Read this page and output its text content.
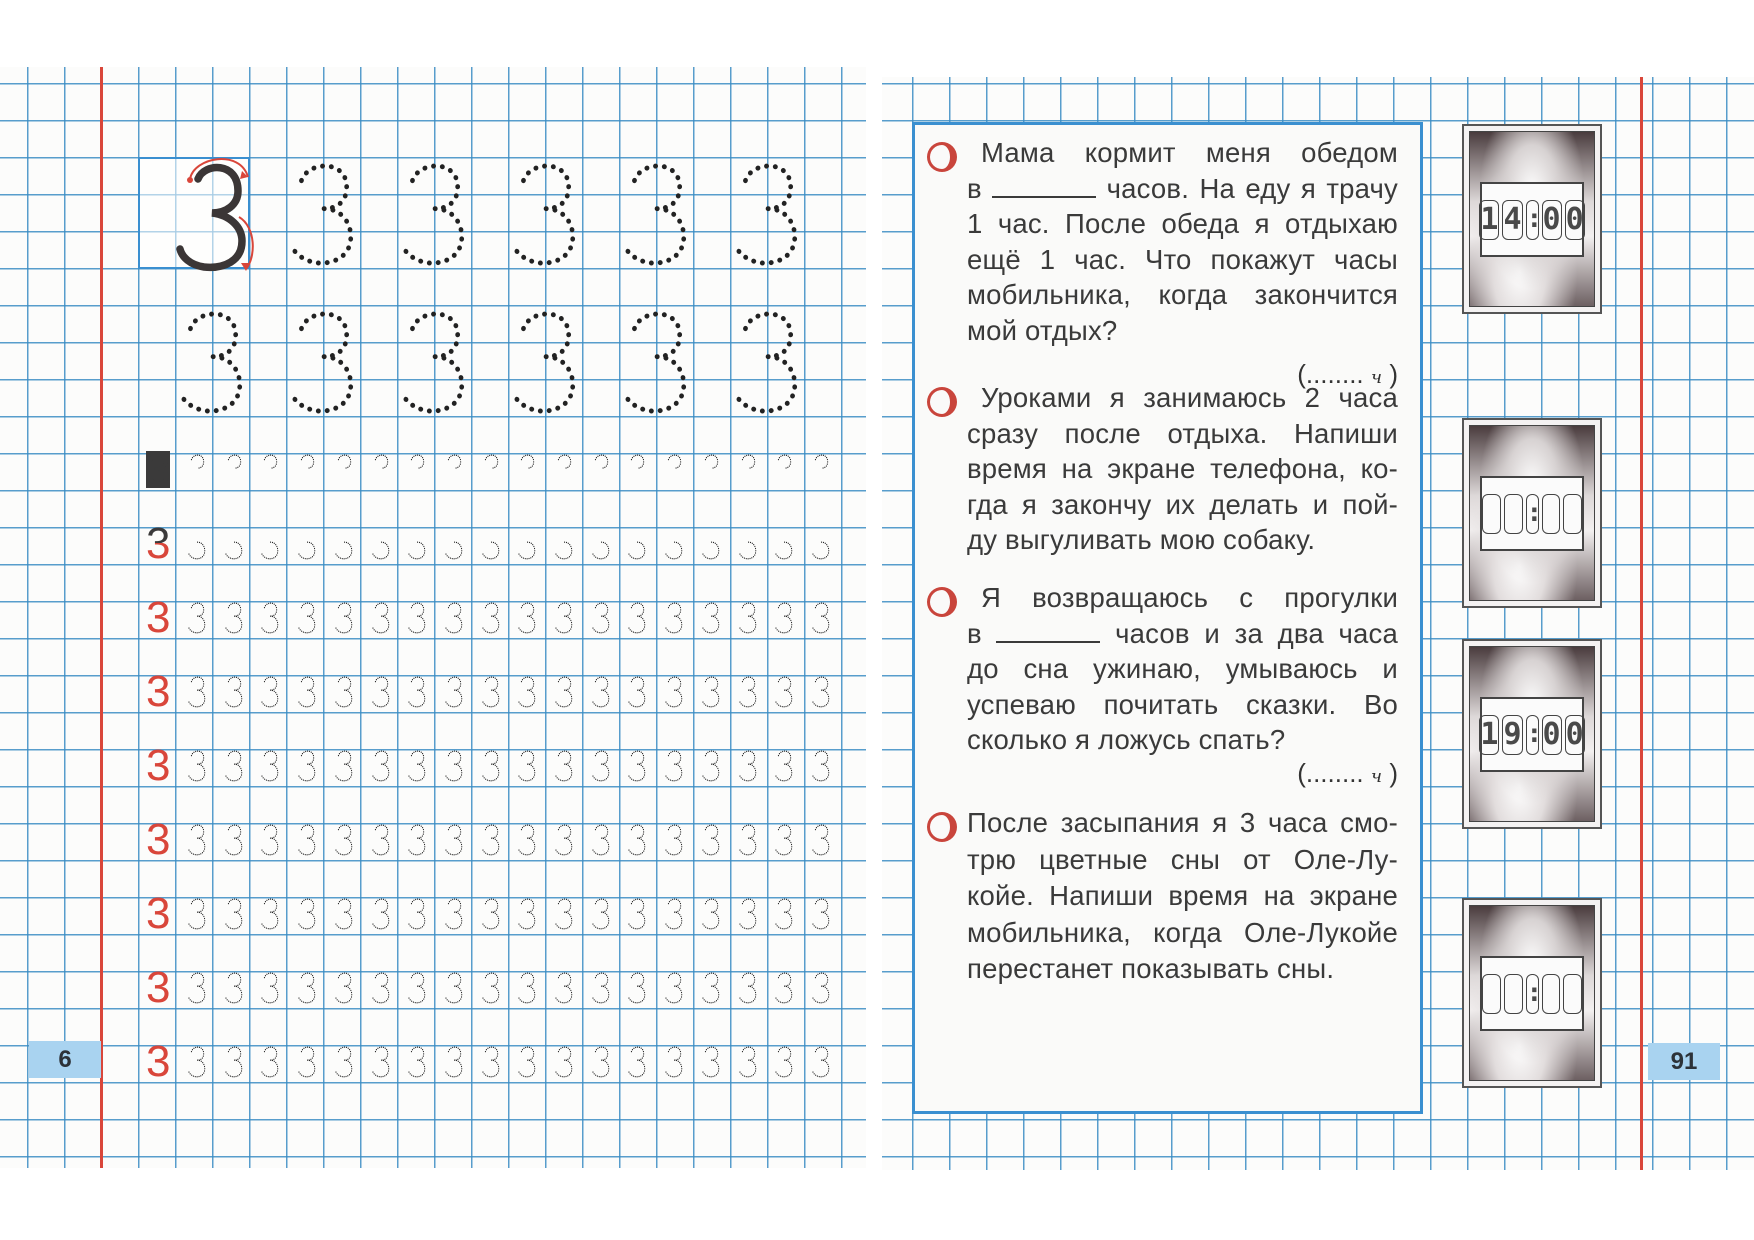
6
3
3
3
3
3
3
3
3
3
Мама кормит меня обедом
в	часов. На еду я трачу
1 час. После обеда я отдыхаю
ещё 1 час. Что покажут часы
мобильника, когда закончится
мой отдых?
(........ ч )
Уроками я занимаюсь 2 часа
сразу после отдыха. Напиши
время на экране телефона, ко-
гда я закончу их делать и пой-
ду выгуливать мою собаку.
Я возвращаюсь с прогулки
в	часов и за два часа
до сна ужинаю, умываюсь и
успеваю почитать сказки. Во
сколько я ложусь спать?
(........ ч )
После засыпания я 3 часа смо-
трю цветные сны от Оле-Лу-
койе. Напиши время на экране
мобильника, когда Оле-Лукойе
перестанет показывать сны.
1 4 : 0 0
:
1 9 : 0 0
:
91
